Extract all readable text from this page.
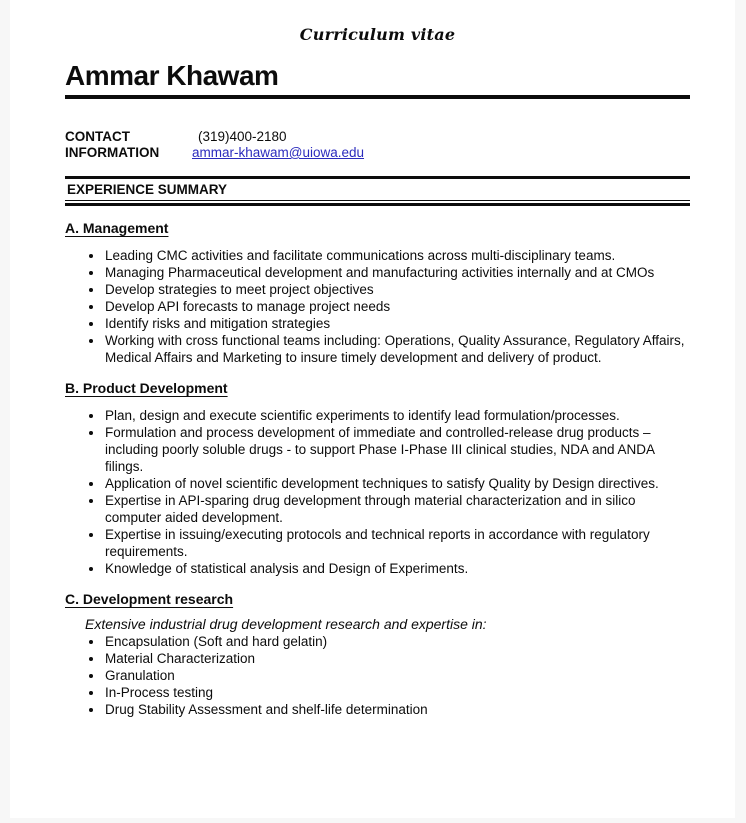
Curriculum vitae
Ammar Khawam
CONTACT
INFORMATION
(319)400-2180
ammar-khawam@uiowa.edu
EXPERIENCE SUMMARY
A. Management
Leading CMC activities and facilitate communications across multi-disciplinary teams.
Managing Pharmaceutical development and manufacturing activities internally and at CMOs
Develop strategies to meet project objectives
Develop API forecasts to manage project needs
Identify risks and mitigation strategies
Working with cross functional teams including: Operations, Quality Assurance, Regulatory Affairs, Medical Affairs and Marketing to insure timely development and delivery of product.
B. Product Development
Plan, design and execute scientific experiments to identify lead formulation/processes.
Formulation and process development of immediate and controlled-release drug products – including poorly soluble drugs - to support Phase I-Phase III clinical studies, NDA and ANDA filings.
Application of novel scientific development techniques to satisfy Quality by Design directives.
Expertise in API-sparing drug development through material characterization and in silico computer aided development.
Expertise in issuing/executing protocols and technical reports in accordance with regulatory requirements.
Knowledge of statistical analysis and Design of Experiments.
C. Development research
Extensive industrial drug development research and expertise in:
Encapsulation (Soft and hard gelatin)
Material Characterization
Granulation
In-Process testing
Drug Stability Assessment and shelf-life determination
